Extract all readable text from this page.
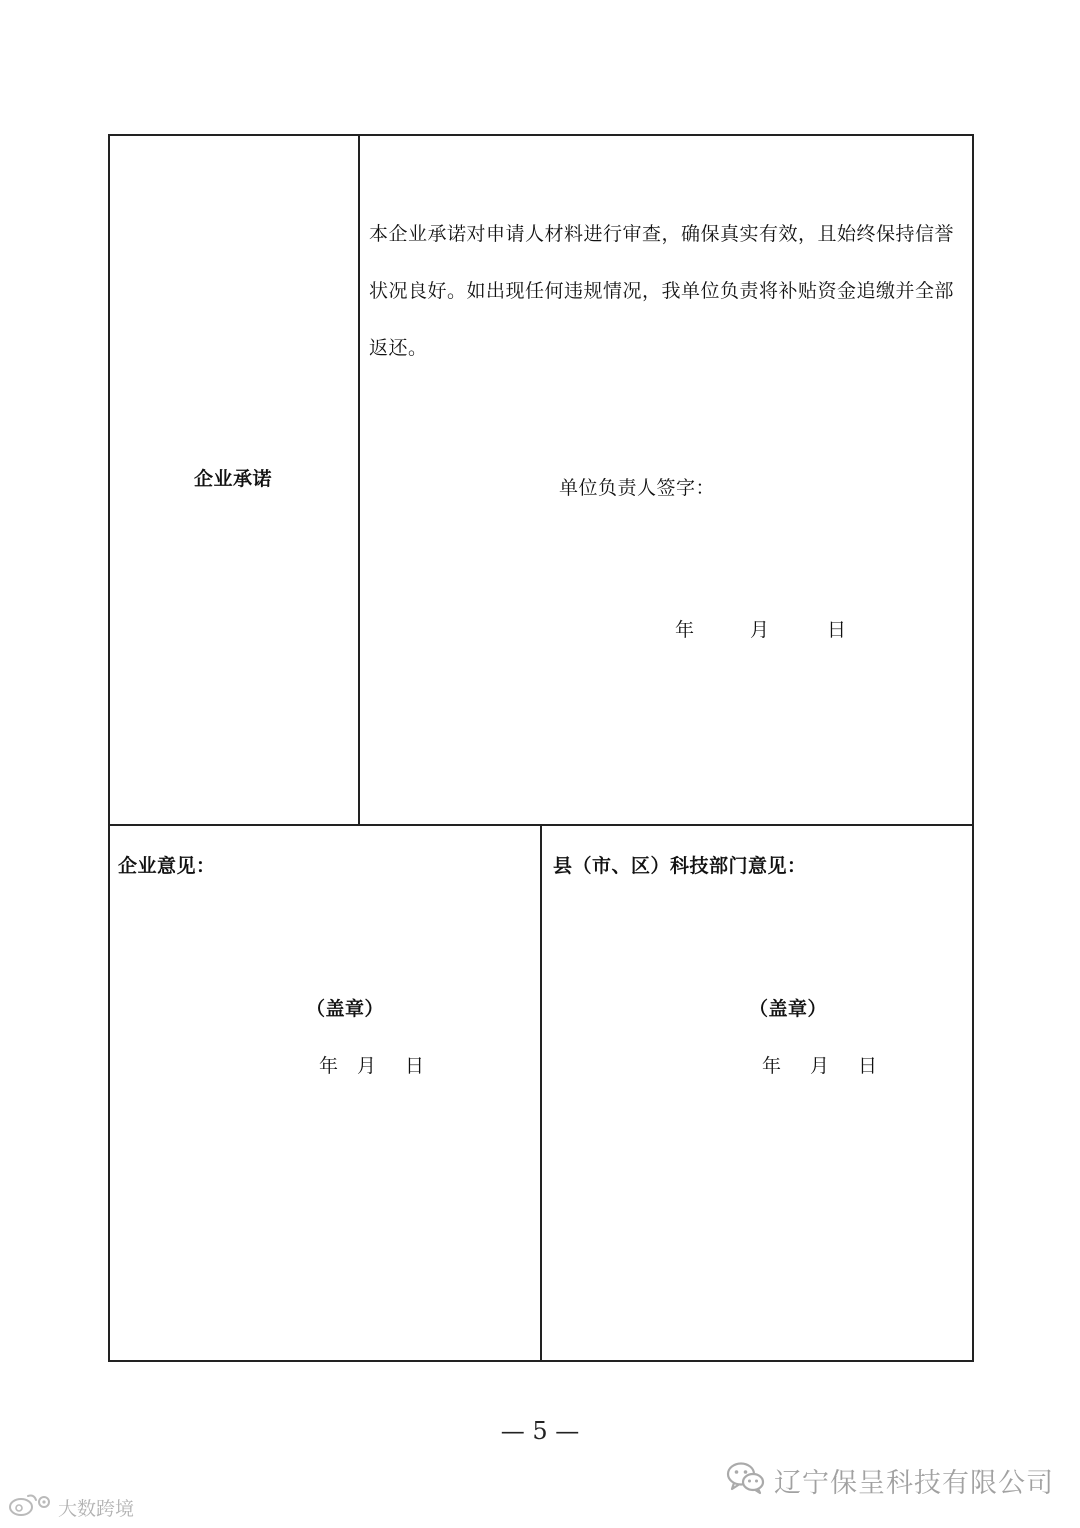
企业承诺
本企业承诺对申请人材料进行审查，确保真实有效，且始终保持信誉
状况良好。如出现任何违规情况，我单位负责将补贴资金追缴并全部
返还。
单位负责人签字：
年	月	日
企业意见：
（盖章）
年 月 日
县（市、区）科技部门意见：
（盖章）
年 月 日
— 5 —
辽宁保呈科技有限公司
大数跨境
